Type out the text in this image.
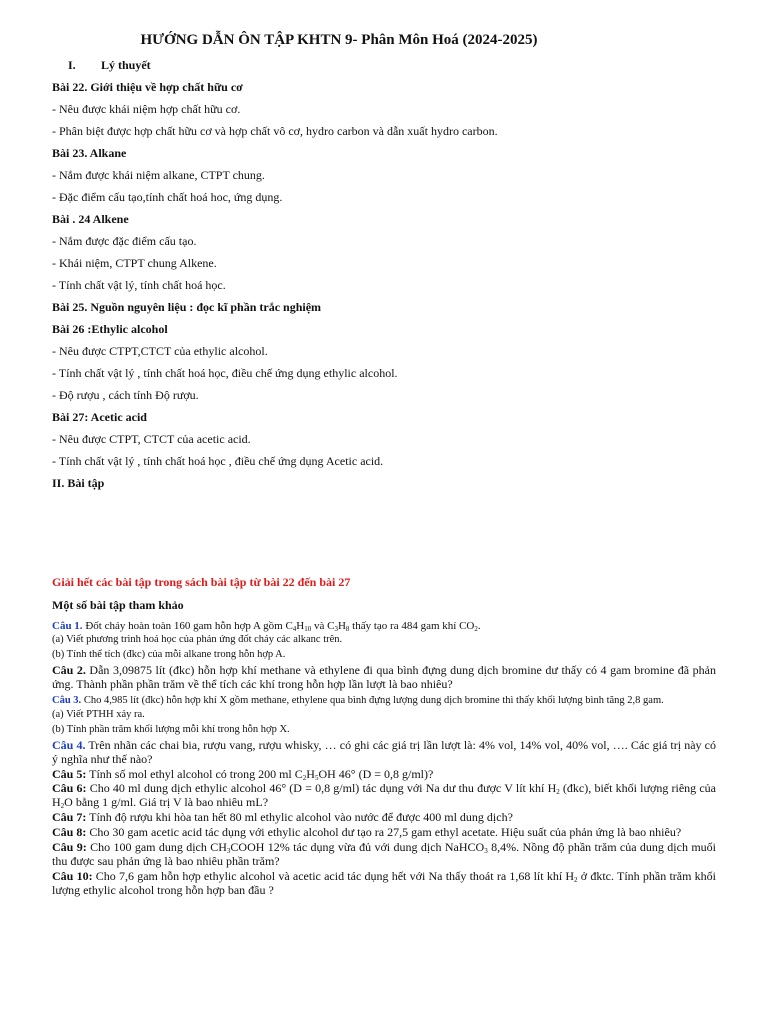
HƯỚNG DẪN ÔN TẬP KHTN 9- Phân Môn Hoá (2024-2025)
I. Lý thuyết
Bài 22. Giới thiệu về hợp chất hữu cơ
- Nêu được khái niệm hợp chất hữu cơ.
- Phân biệt được hợp chất hữu cơ và hợp chất vô cơ, hydro carbon và dẫn xuất hydro carbon.
Bài 23. Alkane
- Nắm được khái niệm alkane, CTPT chung.
- Đặc điểm cấu tạo,tính chất hoá hoc, ứng dụng.
Bài . 24 Alkene
- Nắm được đặc điểm cấu tạo.
- Khái niệm, CTPT chung Alkene.
- Tính chất vật lý, tính chất hoá học.
Bài 25. Nguồn nguyên liệu : đọc kĩ phần trắc nghiệm
Bài 26 :Ethylic alcohol
- Nêu được CTPT,CTCT của ethylic alcohol.
- Tính chất vật lý , tính chất hoá học, điều chế ứng dụng ethylic alcohol.
- Độ rượu , cách tính Độ rượu.
Bài 27: Acetic acid
- Nêu được CTPT, CTCT của acetic acid.
- Tính chất vật lý , tính chất hoá học , điều chế ứng dụng Acetic acid.
II. Bài tập
Giải hết các bài tập trong sách bài tập từ bài 22 đến bài 27
Một số bài tập tham khảo
Câu 1. Đốt cháy hoàn toàn 160 gam hỗn hợp A gồm $C_4H_{10}$ và $C_3H_8$ thấy tạo ra 484 gam khí $CO_2$.
(a) Viết phương trình hoá học của phản ứng đốt cháy các alkanc trên.
(b) Tính thể tích (đkc) của mỗi alkane trong hỗn hợp A.
Câu 2. Dẫn 3,09875 lít (đkc) hỗn hợp khí methane và ethylene đi qua bình đựng dung dịch bromine dư thấy có 4 gam bromine đã phản ứng. Thành phần phần trăm về thể tích các khí trong hỗn hợp lần lượt là bao nhiêu?
Câu 3. Cho 4,985 lít (đkc) hỗn hợp khí X gồm methane, ethylene qua bình đựng lượng dung dịch bromine thì thấy khối lượng bình tăng 2,8 gam.
(a) Viết PTHH xảy ra.
(b) Tính phần trăm khối lượng mỗi khí trong hỗn hợp X.
Câu 4. Trên nhãn các chai bia, rượu vang, rượu whisky, … có ghi các giá trị lần lượt là: 4% vol, 14% vol, 40% vol, …. Các giá trị này có ý nghĩa như thế nào?
Câu 5: Tính số mol ethyl alcohol có trong 200 ml $C_2H_5OH$ 46° (D = 0,8 g/ml)?
Câu 6: Cho 40 ml dung dịch ethylic alcohol 46° (D = 0,8 g/ml) tác dụng với Na dư thu được V lít khí $H_2$ (đkc), biết khối lượng riêng của $H_2O$ bằng 1 g/ml. Giá trị V là bao nhiêu mL?
Câu 7: Tính độ rượu khi hòa tan hết 80 ml ethylic alcohol vào nước để được 400 ml dung dịch?
Câu 8: Cho 30 gam acetic acid tác dụng với ethylic alcohol dư tạo ra 27,5 gam ethyl acetate. Hiệu suất của phản ứng là bao nhiêu?
Câu 9: Cho 100 gam dung dịch $CH_3COOH$ 12% tác dụng vừa đủ với dung dịch NaHCO$_3$ 8,4%. Nồng độ phần trăm của dung dịch muối thu được sau phản ứng là bao nhiêu phần trăm?
Câu 10: Cho 7,6 gam hỗn hợp ethylic alcohol và acetic acid tác dụng hết với Na thấy thoát ra 1,68 lít khí $H_2$ ở đktc. Tính phần trăm khối lượng ethylic alcohol trong hỗn hợp ban đầu ?
